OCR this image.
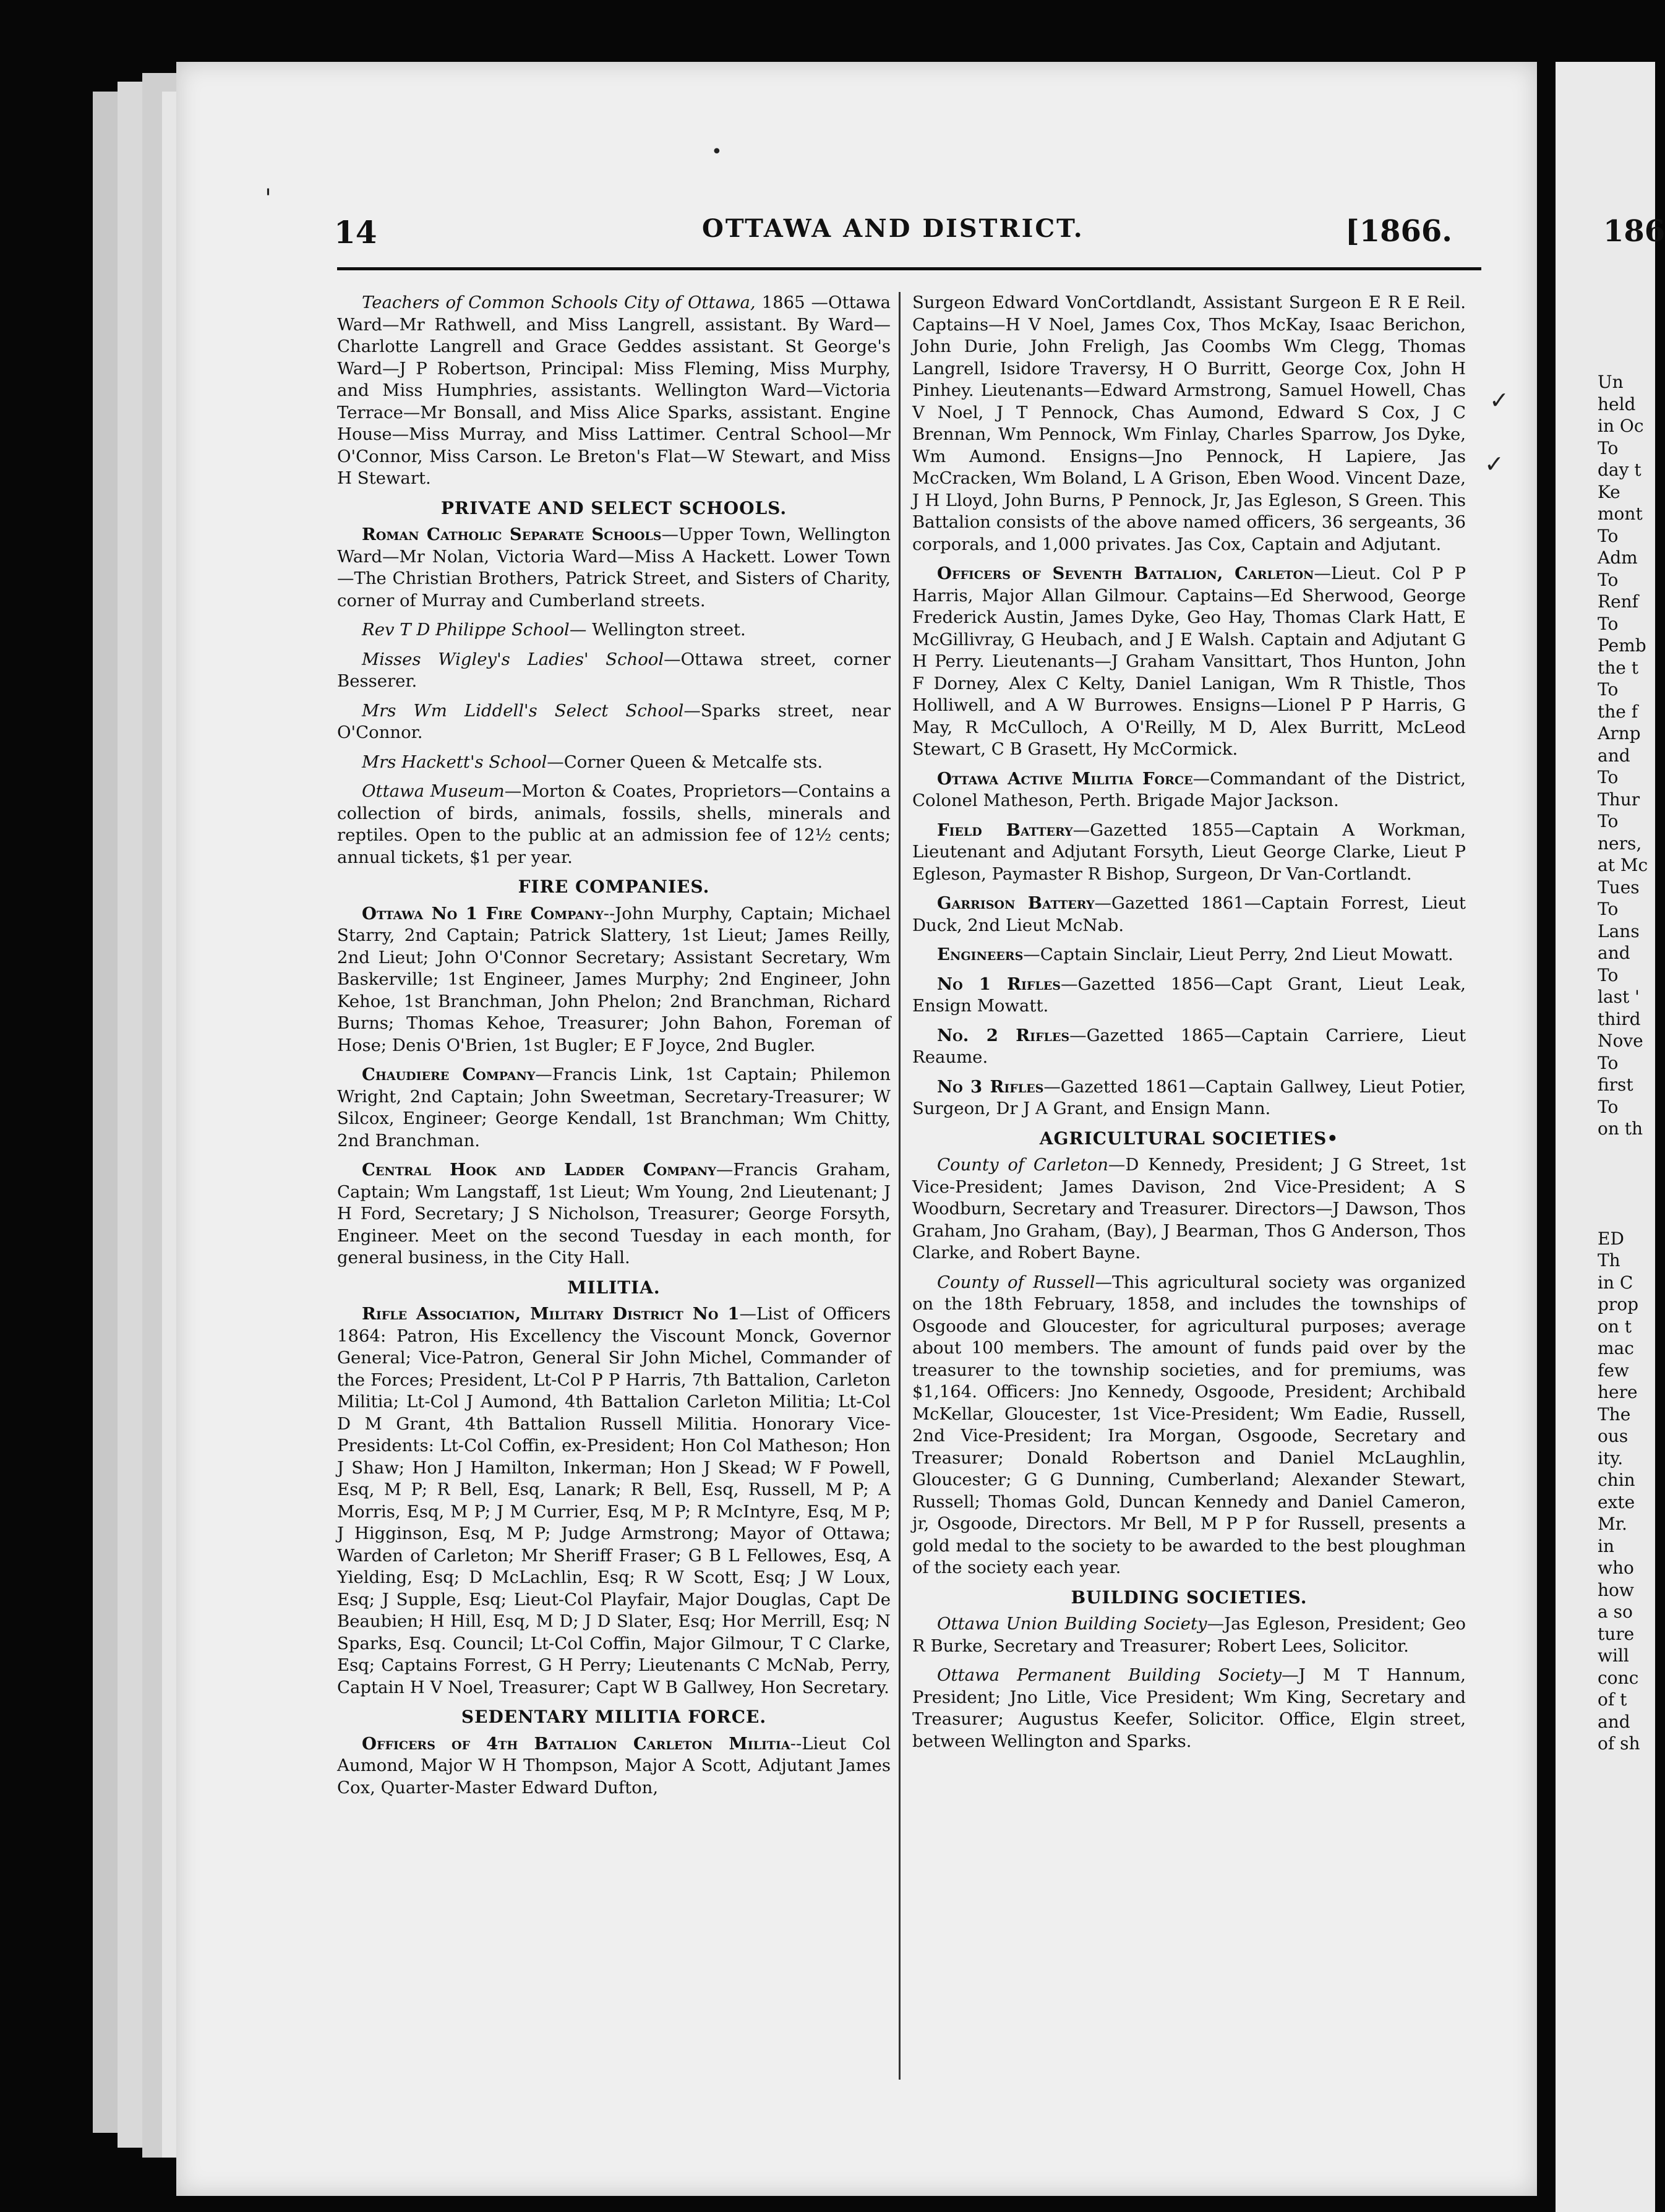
'
•
14	OTTAWA AND DISTRICT.	[1866.

Teachers of Common Schools City of Ottawa, 1865 —Ottawa Ward—Mr Rathwell, and Miss Langrell, assistant. By Ward—Charlotte Langrell and Grace Geddes assistant. St George's Ward—J P Robertson, Principal: Miss Fleming, Miss Murphy, and Miss Humphries, assistants. Wellington Ward—Victoria Terrace—Mr Bonsall, and Miss Alice Sparks, assistant. Engine House—Miss Murray, and Miss Lattimer. Central School—Mr O'Connor, Miss Carson. Le Breton's Flat—W Stewart, and Miss H Stewart.

PRIVATE AND SELECT SCHOOLS.

Roman Catholic Separate Schools—Upper Town, Wellington Ward—Mr Nolan, Victoria Ward—Miss A Hackett. Lower Town—The Christian Brothers, Patrick Street, and Sisters of Charity, corner of Murray and Cumberland streets.

Rev T D Philippe School— Wellington street.

Misses Wigley's Ladies' School—Ottawa street, corner Besserer.

Mrs Wm Liddell's Select School—Sparks street, near O'Connor.

Mrs Hackett's School—Corner Queen & Metcalfe sts.

Ottawa Museum—Morton & Coates, Proprietors—Contains a collection of birds, animals, fossils, shells, minerals and reptiles. Open to the public at an admission fee of 12½ cents; annual tickets, $1 per year.

FIRE COMPANIES.

Ottawa No 1 Fire Company--John Murphy, Captain; Michael Starry, 2nd Captain; Patrick Slattery, 1st Lieut; James Reilly, 2nd Lieut; John O'Connor Secretary; Assistant Secretary, Wm Baskerville; 1st Engineer, James Murphy; 2nd Engineer, John Kehoe, 1st Branchman, John Phelon; 2nd Branchman, Richard Burns; Thomas Kehoe, Treasurer; John Bahon, Foreman of Hose; Denis O'Brien, 1st Bugler; E F Joyce, 2nd Bugler.

Chaudiere Company—Francis Link, 1st Captain; Philemon Wright, 2nd Captain; John Sweetman, Secretary-Treasurer; W Silcox, Engineer; George Kendall, 1st Branchman; Wm Chitty, 2nd Branchman.

Central Hook and Ladder Company—Francis Graham, Captain; Wm Langstaff, 1st Lieut; Wm Young, 2nd Lieutenant; J H Ford, Secretary; J S Nicholson, Treasurer; George Forsyth, Engineer. Meet on the second Tuesday in each month, for general business, in the City Hall.

MILITIA.

Rifle Association, Military District No 1—List of Officers 1864: Patron, His Excellency the Viscount Monck, Governor General; Vice-Patron, General Sir John Michel, Commander of the Forces; President, Lt-Col P P Harris, 7th Battalion, Carleton Militia; Lt-Col J Aumond, 4th Battalion Carleton Militia; Lt-Col D M Grant, 4th Battalion Russell Militia. Honorary Vice-Presidents: Lt-Col Coffin, ex-President; Hon Col Matheson; Hon J Shaw; Hon J Hamilton, Inkerman; Hon J Skead; W F Powell, Esq, M P; R Bell, Esq, Lanark; R Bell, Esq, Russell, M P; A Morris, Esq, M P; J M Currier, Esq, M P; R McIntyre, Esq, M P; J Higginson, Esq, M P; Judge Armstrong; Mayor of Ottawa; Warden of Carleton; Mr Sheriff Fraser; G B L Fellowes, Esq, A Yielding, Esq; D McLachlin, Esq; R W Scott, Esq; J W Loux, Esq; J Supple, Esq; Lieut-Col Playfair, Major Douglas, Capt De Beaubien; H Hill, Esq, M D; J D Slater, Esq; Hor Merrill, Esq; N Sparks, Esq. Council; Lt-Col Coffin, Major Gilmour, T C Clarke, Esq; Captains Forrest, G H Perry; Lieutenants C McNab, Perry, Captain H V Noel, Treasurer; Capt W B Gallwey, Hon Secretary.

SEDENTARY MILITIA FORCE.

Officers of 4th Battalion Carleton Militia--Lieut Col Aumond, Major W H Thompson, Major A Scott, Adjutant James Cox, Quarter-Master Edward Dufton,

Surgeon Edward VonCortdlandt, Assistant Surgeon E R E Reil. Captains—H V Noel, James Cox, Thos McKay, Isaac Berichon, John Durie, John Freligh, Jas Coombs Wm Clegg, Thomas Langrell, Isidore Traversy, H O Burritt, George Cox, John H Pinhey. Lieutenants—Edward Armstrong, Samuel Howell, Chas V Noel, J T Pennock, Chas Aumond, Edward S Cox, J C Brennan, Wm Pennock, Wm Finlay, Charles Sparrow, Jos Dyke, Wm Aumond. Ensigns—Jno Pennock, H Lapiere, Jas McCracken, Wm Boland, L A Grison, Eben Wood. Vincent Daze, J H Lloyd, John Burns, P Pennock, Jr, Jas Egleson, S Green. This Battalion consists of the above named officers, 36 sergeants, 36 corporals, and 1,000 privates. Jas Cox, Captain and Adjutant.

Officers of Seventh Battalion, Carleton—Lieut. Col P P Harris, Major Allan Gilmour. Captains—Ed Sherwood, George Frederick Austin, James Dyke, Geo Hay, Thomas Clark Hatt, E McGillivray, G Heubach, and J E Walsh. Captain and Adjutant G H Perry. Lieutenants—J Graham Vansittart, Thos Hunton, John F Dorney, Alex C Kelty, Daniel Lanigan, Wm R Thistle, Thos Holliwell, and A W Burrowes. Ensigns—Lionel P P Harris, G May, R McCulloch, A O'Reilly, M D, Alex Burritt, McLeod Stewart, C B Grasett, Hy McCormick.

Ottawa Active Militia Force—Commandant of the District, Colonel Matheson, Perth. Brigade Major Jackson.

Field Battery—Gazetted 1855—Captain A Workman, Lieutenant and Adjutant Forsyth, Lieut George Clarke, Lieut P Egleson, Paymaster R Bishop, Surgeon, Dr Van-Cortlandt.

Garrison Battery—Gazetted 1861—Captain Forrest, Lieut Duck, 2nd Lieut McNab.

Engineers—Captain Sinclair, Lieut Perry, 2nd Lieut Mowatt.

No 1 Rifles—Gazetted 1856—Capt Grant, Lieut Leak, Ensign Mowatt.

No. 2 Rifles—Gazetted 1865—Captain Carriere, Lieut Reaume.

No 3 Rifles—Gazetted 1861—Captain Gallwey, Lieut Potier, Surgeon, Dr J A Grant, and Ensign Mann.

AGRICULTURAL SOCIETIES•

County of Carleton—D Kennedy, President; J G Street, 1st Vice-President; James Davison, 2nd Vice-President; A S Woodburn, Secretary and Treasurer. Directors—J Dawson, Thos Graham, Jno Graham, (Bay), J Bearman, Thos G Anderson, Thos Clarke, and Robert Bayne.

County of Russell—This agricultural society was organized on the 18th February, 1858, and includes the townships of Osgoode and Gloucester, for agricultural purposes; average about 100 members. The amount of funds paid over by the treasurer to the township societies, and for premiums, was $1,164. Officers: Jno Kennedy, Osgoode, President; Archibald McKellar, Gloucester, 1st Vice-President; Wm Eadie, Russell, 2nd Vice-President; Ira Morgan, Osgoode, Secretary and Treasurer; Donald Robertson and Daniel McLaughlin, Gloucester; G G Dunning, Cumberland; Alexander Stewart, Russell; Thomas Gold, Duncan Kennedy and Daniel Cameron, jr, Osgoode, Directors. Mr Bell, M P P for Russell, presents a gold medal to the society to be awarded to the best ploughman of the society each year.

BUILDING SOCIETIES.

Ottawa Union Building Society—Jas Egleson, President; Geo R Burke, Secretary and Treasurer; Robert Lees, Solicitor.

Ottawa Permanent Building Society—J M T Hannum, President; Jno Litle, Vice President; Wm King, Secretary and Treasurer; Augustus Keefer, Solicitor. Office, Elgin street, between Wellington and Sparks.

✓
✓
186
Un
held
in Oc
To
day t
Ke
mont
To
Adm
To
Renf
To
Pemb
the t
To
the f
Arnp
and
To
Thur
To
ners,
at Mc
Tues
To
Lans
and
To
last '
third
Nove
To
first
To
on th

ED
Th
in C
prop
on t
mac
few
here
The
ous
ity.
chin
exte
Mr.
in
who
how
a so
ture
will
conc
of t
and
of sh
